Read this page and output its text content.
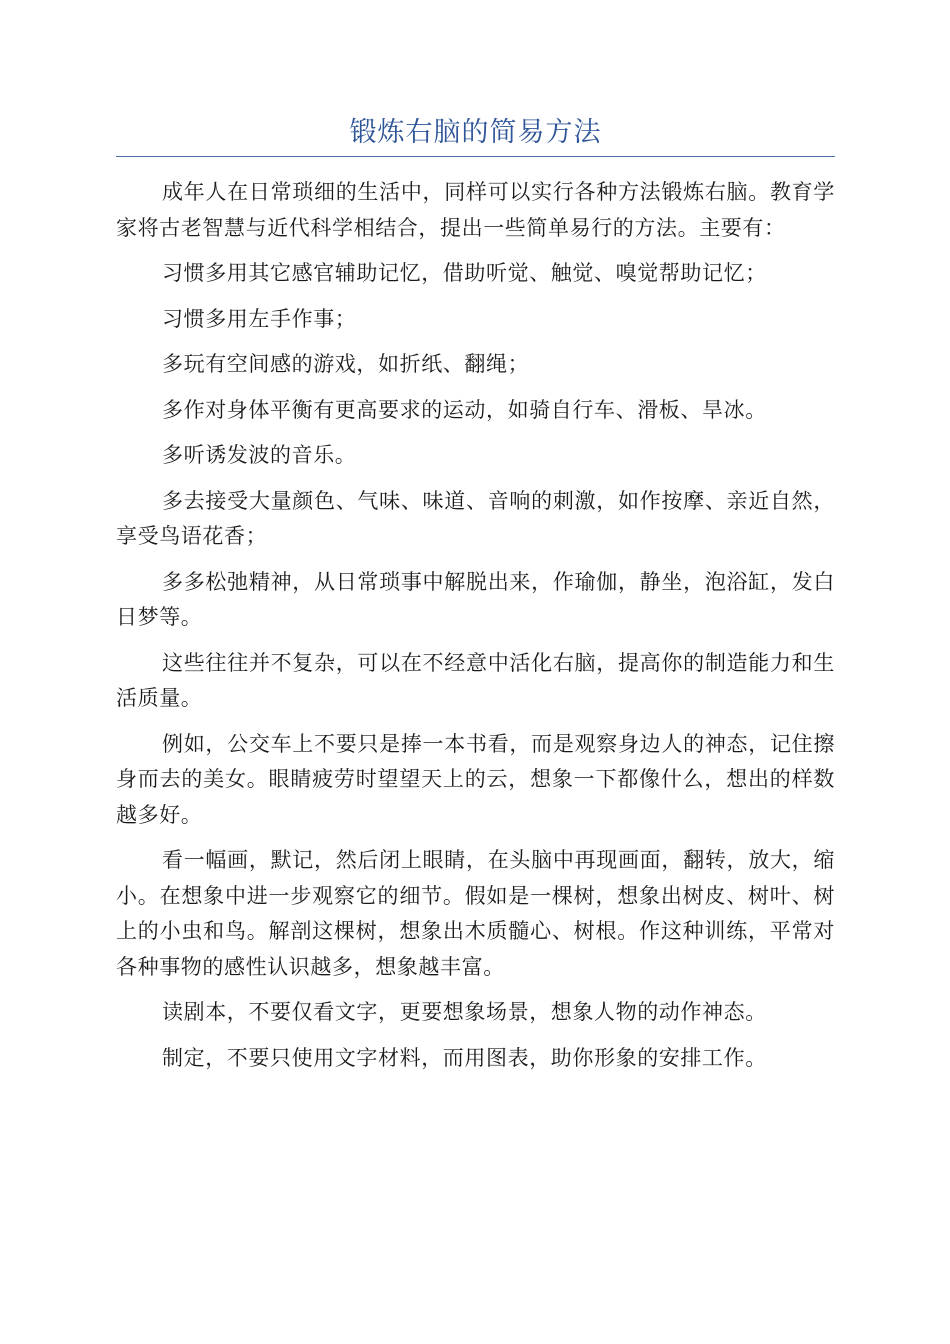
锻炼右脑的简易方法

成年人在日常琐细的生活中，同样可以实行各种方法锻炼右脑。教育学家将古老智慧与近代科学相结合，提出一些简单易行的方法。主要有：

习惯多用其它感官辅助记忆，借助听觉、触觉、嗅觉帮助记忆；

习惯多用左手作事；

多玩有空间感的游戏，如折纸、翻绳；

多作对身体平衡有更高要求的运动，如骑自行车、滑板、旱冰。

多听诱发波的音乐。

多去接受大量颜色、气味、味道、音响的刺激，如作按摩、亲近自然，享受鸟语花香；

多多松弛精神，从日常琐事中解脱出来，作瑜伽，静坐，泡浴缸，发白日梦等。

这些往往并不复杂，可以在不经意中活化右脑，提高你的制造能力和生活质量。

例如，公交车上不要只是捧一本书看，而是观察身边人的神态，记住擦身而去的美女。眼睛疲劳时望望天上的云，想象一下都像什么，想出的样数越多好。

看一幅画，默记，然后闭上眼睛，在头脑中再现画面，翻转，放大，缩小。在想象中进一步观察它的细节。假如是一棵树，想象出树皮、树叶、树上的小虫和鸟。解剖这棵树，想象出木质髓心、树根。作这种训练，平常对各种事物的感性认识越多，想象越丰富。

读剧本，不要仅看文字，更要想象场景，想象人物的动作神态。

制定，不要只使用文字材料，而用图表，助你形象的安排工作。
